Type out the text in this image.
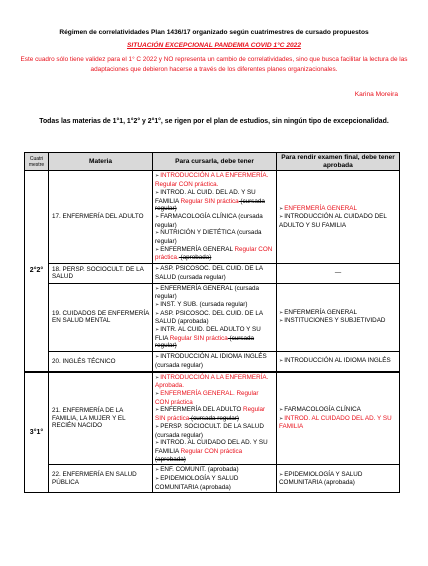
Régimen de correlatividades Plan 1436/17 organizado según cuatrimestres de cursado propuestos
SITUACIÓN EXCEPCIONAL PANDEMIA COVID 1°C 2022
Este cuadro sólo tiene validez para el 1° C 2022 y NO representa un cambio de correlatividades, sino que busca facilitar la lectura de las adaptaciones que debieron hacerse a través de los diferentes planes organizacionales.
Karina Moreira
Todas las materias de 1°1, 1°2° y 2°1°, se rigen por el plan de estudios, sin ningún tipo de excepcionalidad.
Cuatri mestre	Materia	Para cursarla, debe tener	Para rendir examen final, debe tener aprobada
2°2°	17. ENFERMERÍA DEL ADULTO	➢ INTRODUCCIÓN A LA ENFERMERÍA. Regular CON práctica.
➢ INTROD. AL CUID. DEL AD. Y SU FAMILIA Regular SIN práctica (cursada regular)
➢ FARMACOLOGÍA CLÍNICA (cursada regular)
➢ NUTRICIÓN Y DIETÉTICA (cursada regular)
➢ ENFERMERÍA GENERAL Regular CON práctica. (aprobada)	➢ ENFERMERÍA GENERAL
➢ INTRODUCCIÓN AL CUIDADO DEL ADULTO Y SU FAMILIA

	18. PERSP. SOCIOCULT. DE LA SALUD	➢ ASP. PSICOSOC. DEL CUID. DE LA SALUD (cursada regular)	—
	19. CUIDADOS DE ENFERMERÍA EN SALUD MENTAL	➢ ENFERMERÍA GENERAL (cursada regular)
➢ INST. Y SUB. (cursada regular)
➢ ASP. PSICOSOC. DEL CUID. DE LA SALUD (aprobada)
➢ INTR. AL CUID. DEL ADULTO Y SU FLIA Regular SIN práctica (cursada regular)	➢ ENFERMERÍA GENERAL
➢ INSTITUCIONES Y SUBJETIVIDAD

	20. INGLÉS TÉCNICO	➢ INTRODUCCIÓN AL IDIOMA INGLÉS (cursada regular)	➢ INTRODUCCIÓN AL IDIOMA INGLÉS

3°1°	21. ENFERMERÍA DE LA FAMILIA, LA MUJER Y EL RECIÉN NACIDO	➢ INTRODUCCIÓN A LA ENFERMERÍA. Aprobada.
➢ ENFERMERÍA GENERAL. Regular CON práctica
➢ ENFERMERÍA DEL ADULTO Regular SIN práctica (cursada regular)
➢ PERSP. SOCIOCULT. DE LA SALUD (cursada regular)
➢ INTROD. AL CUIDADO DEL AD. Y SU FAMILIA Regular CON práctica (aprobada)	➢ FARMACOLOGÍA CLÍNICA
➢ INTROD. AL CUIDADO DEL AD. Y SU FAMILIA

	22. ENFERMERÍA EN SALUD PÚBLICA	➢ ENF. COMUNIT. (aprobada)
➢ EPIDEMIOLOGÍA Y SALUD COMUNITARIA (aprobada)	➢ EPIDEMIOLOGÍA Y SALUD COMUNITARIA (aprobada)
